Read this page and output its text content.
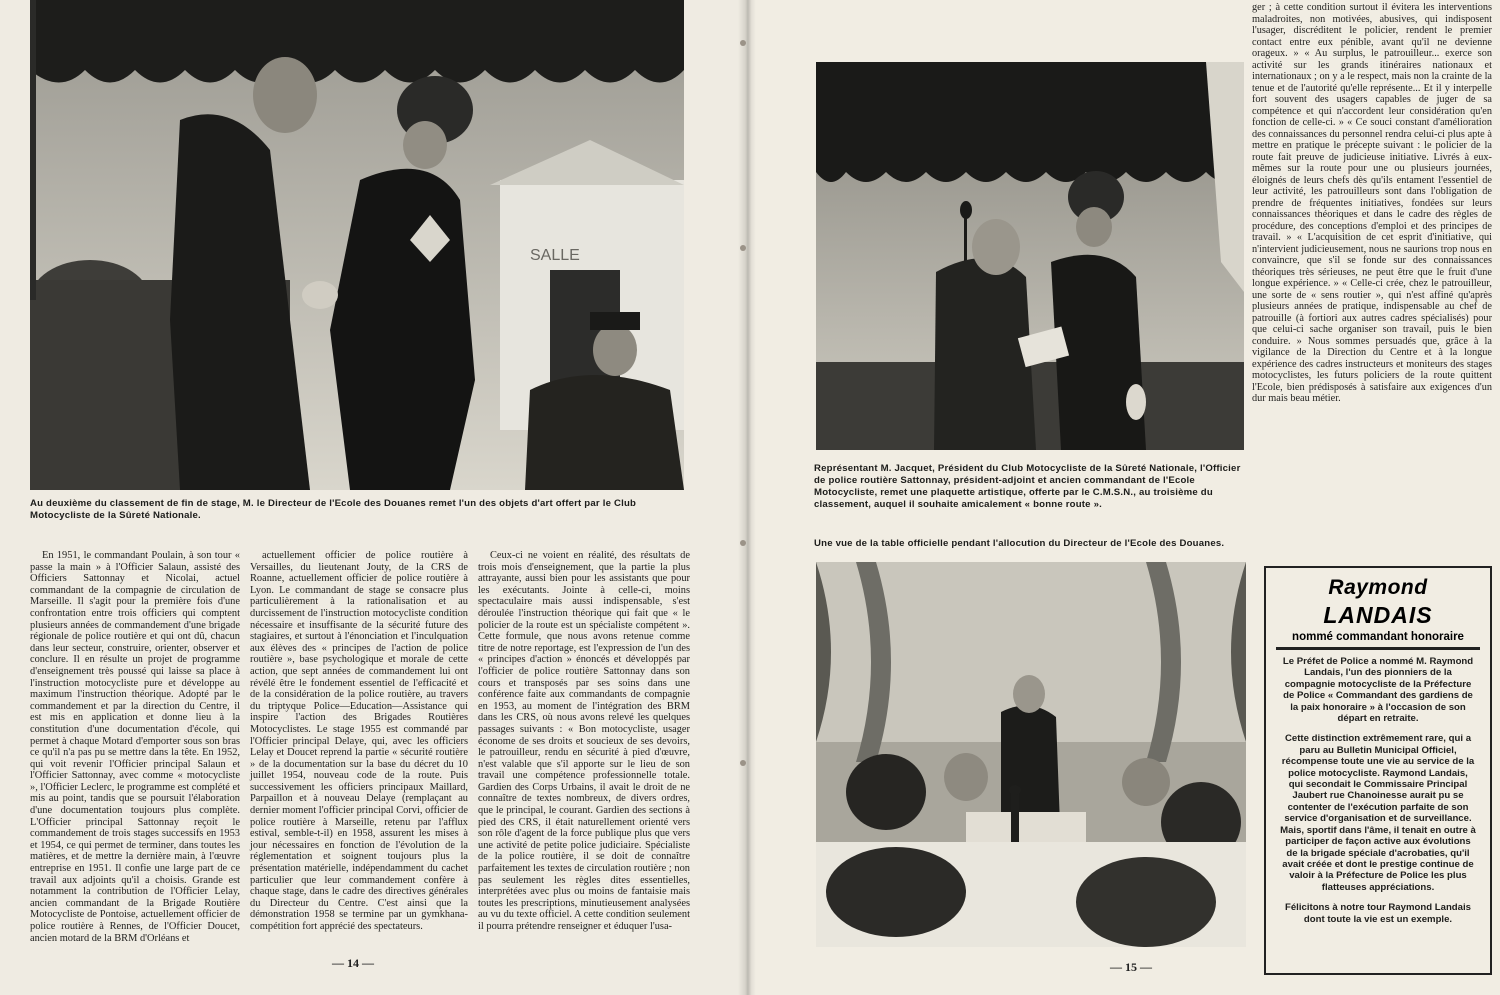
SALLE
Au deuxième du classement de fin de stage, M. le Directeur de l'Ecole des Douanes remet l'un des objets d'art offert par le Club Motocycliste de la Sûreté Nationale.

En 1951, le commandant Poulain, à son tour « passe la main » à l'Officier Salaun, assisté des Officiers Sattonnay et Nicolai, actuel commandant de la compagnie de circulation de Marseille. Il s'agit pour la première fois d'une confrontation entre trois officiers qui comptent plusieurs années de commandement d'une brigade régionale de police routière et qui ont dû, chacun dans leur secteur, construire, orienter, observer et conclure. Il en résulte un projet de programme d'enseignement très poussé qui laisse sa place à l'instruction motocycliste pure et développe au maximum l'instruction théorique. Adopté par le commandement et par la direction du Centre, il est mis en application et donne lieu à la constitution d'une documentation d'école, qui permet à chaque Motard d'emporter sous son bras ce qu'il n'a pas pu se mettre dans la tête. En 1952, qui voit revenir l'Officier principal Salaun et l'Officier Sattonnay, avec comme « motocycliste », l'Officier Leclerc, le programme est complété et mis au point, tandis que se poursuit l'élaboration d'une documentation toujours plus complète. L'Officier principal Sattonnay reçoit le commandement de trois stages successifs en 1953 et 1954, ce qui permet de terminer, dans toutes les matières, et de mettre la dernière main, à l'œuvre entreprise en 1951. Il confie une large part de ce travail aux adjoints qu'il a choisis. Grande est notamment la contribution de l'Officier Lelay, ancien commandant de la Brigade Routière Motocycliste de Pontoise, actuellement officier de police routière à Rennes, de l'Officier Doucet, ancien motard de la BRM d'Orléans et

actuellement officier de police routière à Versailles, du lieutenant Jouty, de la CRS de Roanne, actuellement officier de police routière à Lyon. Le commandant de stage se consacre plus particulièrement à la rationalisation et au durcissement de l'instruction motocycliste condition nécessaire et insuffisante de la sécurité future des stagiaires, et surtout à l'énonciation et l'inculquation aux élèves des « principes de l'action de police routière », base psychologique et morale de cette action, que sept années de commandement lui ont révélé être le fondement essentiel de l'efficacité et de la considération de la police routière, au travers du triptyque Police—Education—Assistance qui inspire l'action des Brigades Routières Motocyclistes. Le stage 1955 est commandé par l'Officier principal Delaye, qui, avec les officiers Lelay et Doucet reprend la partie « sécurité routière » de la documentation sur la base du décret du 10 juillet 1954, nouveau code de la route. Puis successivement les officiers principaux Maillard, Parpaillon et à nouveau Delaye (remplaçant au dernier moment l'officier principal Corvi, officier de police routière à Marseille, retenu par l'afflux estival, semble-t-il) en 1958, assurent les mises à jour nécessaires en fonction de l'évolution de la réglementation et soignent toujours plus la présentation matérielle, indépendamment du cachet particulier que leur commandement confère à chaque stage, dans le cadre des directives générales du Directeur du Centre. C'est ainsi que la démonstration 1958 se termine par un gymkhana-compétition fort apprécié des spectateurs.

Ceux-ci ne voient en réalité, des résultats de trois mois d'enseignement, que la partie la plus attrayante, aussi bien pour les assistants que pour les exécutants. Jointe à celle-ci, moins spectaculaire mais aussi indispensable, s'est déroulée l'instruction théorique qui fait que « le policier de la route est un spécialiste compétent ». Cette formule, que nous avons retenue comme titre de notre reportage, est l'expression de l'un des « principes d'action » énoncés et développés par l'officier de police routière Sattonnay dans son cours et transposés par ses soins dans une conférence faite aux commandants de compagnie en 1953, au moment de l'intégration des BRM dans les CRS, où nous avons relevé les quelques passages suivants : « Bon motocycliste, usager économe de ses droits et soucieux de ses devoirs, le patrouilleur, rendu en sécurité à pied d'œuvre, n'est valable que s'il apporte sur le lieu de son travail une compétence professionnelle totale. Gardien des Corps Urbains, il avait le droit de ne connaître de textes nombreux, de divers ordres, que le principal, le courant. Gardien des sections à pied des CRS, il était naturellement orienté vers son rôle d'agent de la force publique plus que vers une activité de petite police judiciaire. Spécialiste de la police routière, il se doit de connaître parfaitement les textes de circulation routière ; non pas seulement les règles dites essentielles, interprétées avec plus ou moins de fantaisie mais toutes les prescriptions, minutieusement analysées au vu du texte officiel. A cette condition seulement il pourra prétendre renseigner et éduquer l'usa-

— 14 —
Représentant M. Jacquet, Président du Club Motocycliste de la Sûreté Nationale, l'Officier de police routière Sattonnay, président-adjoint et ancien commandant de l'Ecole Motocycliste, remet une plaquette artistique, offerte par le C.M.S.N., au troisième du classement, auquel il souhaite amicalement « bonne route ».
Une vue de la table officielle pendant l'allocution du Directeur de l'Ecole des Douanes.

ger ; à cette condition surtout il évitera les interventions maladroites, non motivées, abusives, qui indisposent l'usager, discréditent le policier, rendent le premier contact entre eux pénible, avant qu'il ne devienne orageux. » « Au surplus, le patrouilleur... exerce son activité sur les grands itinéraires nationaux et internationaux ; on y a le respect, mais non la crainte de la tenue et de l'autorité qu'elle représente... Et il y interpelle fort souvent des usagers capables de juger de sa compétence et qui n'accordent leur considération qu'en fonction de celle-ci. » « Ce souci constant d'amélioration des connaissances du personnel rendra celui-ci plus apte à mettre en pratique le précepte suivant : le policier de la route fait preuve de judicieuse initiative. Livrés à eux-mêmes sur la route pour une ou plusieurs journées, éloignés de leurs chefs dès qu'ils entament l'essentiel de leur activité, les patrouilleurs sont dans l'obligation de prendre de fréquentes initiatives, fondées sur leurs connaissances théoriques et dans le cadre des règles de procédure, des conceptions d'emploi et des principes de travail. » « L'acquisition de cet esprit d'initiative, qui n'intervient judicieusement, nous ne saurions trop nous en convaincre, que s'il se fonde sur des connaissances théoriques très sérieuses, ne peut être que le fruit d'une longue expérience. » « Celle-ci crée, chez le patrouilleur, une sorte de « sens routier », qui n'est affiné qu'après plusieurs années de pratique, indispensable au chef de patrouille (à fortiori aux autres cadres spécialisés) pour que celui-ci sache organiser son travail, puis le bien conduire. » Nous sommes persuadés que, grâce à la vigilance de la Direction du Centre et à la longue expérience des cadres instructeurs et moniteurs des stages motocyclistes, les futurs policiers de la route quittent l'Ecole, bien prédisposés à satisfaire aux exigences d'un dur mais beau métier.

Raymond
LANDAIS
nommé commandant honoraire

Le Préfet de Police a nommé M. Raymond Landais, l'un des pionniers de la compagnie motocycliste de la Préfecture de Police « Commandant des gardiens de la paix honoraire » à l'occasion de son départ en retraite.

Cette distinction extrêmement rare, qui a paru au Bulletin Municipal Officiel, récompense toute une vie au service de la police motocycliste. Raymond Landais, qui secondait le Commissaire Principal Jaubert rue Chanoinesse aurait pu se contenter de l'exécution parfaite de son service d'organisation et de surveillance. Mais, sportif dans l'âme, il tenait en outre à participer de façon active aux évolutions de la brigade spéciale d'acrobaties, qu'il avait créée et dont le prestige continue de valoir à la Préfecture de Police les plus flatteuses appréciations.

Félicitons à notre tour Raymond Landais dont toute la vie est un exemple.

— 15 —
